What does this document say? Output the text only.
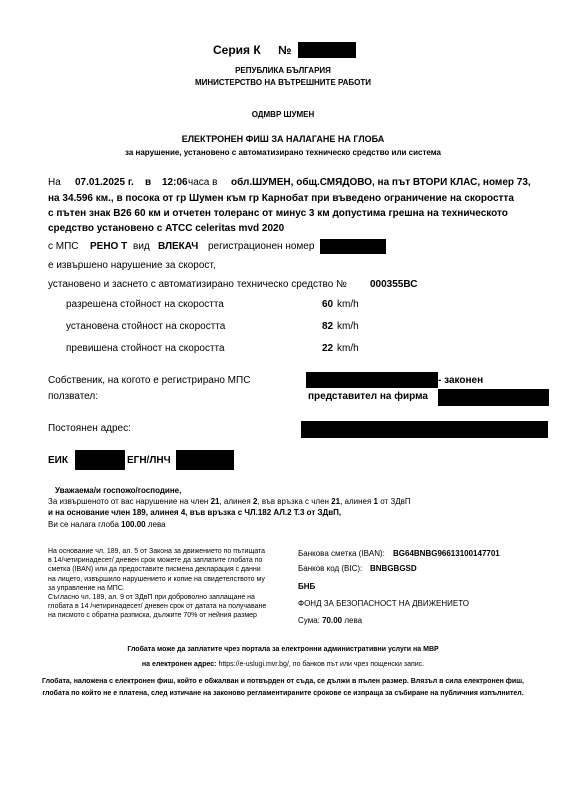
Серия К №
РЕПУБЛИКА БЪЛГАРИЯ
МИНИСТЕРСТВО НА ВЪТРЕШНИТЕ РАБОТИ
ОДМВР ШУМЕН
ЕЛЕКТРОНЕН ФИШ ЗА НАЛАГАНЕ НА ГЛОБА
за нарушение, установено с автоматизирано техническо средство или система
На 07.01.2025 г. в 12:06 часа в обл.ШУМЕН, общ.СМЯДОВО, на път ВТОРИ КЛАС, номер 73,
на 34.596 км., в посока от гр Шумен към гр Карнобат при въведено ограничение на скоростта
с пътен знак В26 60 км и отчетен толеранс от минус 3 км допустима грешна на техническото
средство установено с АТСС celeritas mvd 2020
с МПС РЕНО Т вид ВЛЕКАЧ регистрационен номер
е извършено нарушение за скорост,
установено и заснето с автоматизирано техническо средство № 000355ВС
разрешена стойност на скоростта	60 km/h
установена стойност на скоростта	82 km/h
превишена стойност на скоростта	22 km/h
Собственик, на когото е регистрирано МПС
ползвател:
- законен
представител на фирма
Постоянен адрес:
ЕИК	ЕГН/ЛНЧ
Уважаема/и госпожо/господине,
За извършеното от вас нарушение на член 21, алинея 2, във връзка с член 21, алинея 1 от ЗДвП
и на основание член 189, алинея 4, във връзка с ЧЛ.182 АЛ.2 Т.3 от ЗДвП,
Ви се налага глоба 100.00 лева
На основание чл. 189, ал. 5 от Закона за движението по пътищата в 14/четиринадесет/ дневен срок можете да заплатите глобата по сметка (IBAN) или да предоставите писмена декларация с данни на лицето, извършило нарушението и копие на свидетелството му за управление на МПС.
Съгласно чл. 189, ал. 9 от ЗДвП при доброволно заплащане на глобата в 14 /четиринадесет/ дневен срок от датата на получаване на писмото с обратна разписка, дължите 70% от нейния размер
Банкова сметка (IBAN): BG64BNBG96613100147701
Банков код (BIC): BNBGBGSD
БНБ
ФОНД ЗА БЕЗОПАСНОСТ НА ДВИЖЕНИЕТО
Сума: 70.00 лева
Глобата може да заплатите чрез портала за електронни административни услуги на МВР
на електронен адрес: https://e-uslugi.mvr.bg/, по банков път или чрез пощенски запис.
Глобата, наложена с електронен фиш, който е обжалван и потвърден от съда, се дължи в пълен размер. Влязъл в сила електронен фиш,
глобата по който не е платена, след изтичане на законово регламентираните срокове се изпраща за събиране на публичния изпълнител.
